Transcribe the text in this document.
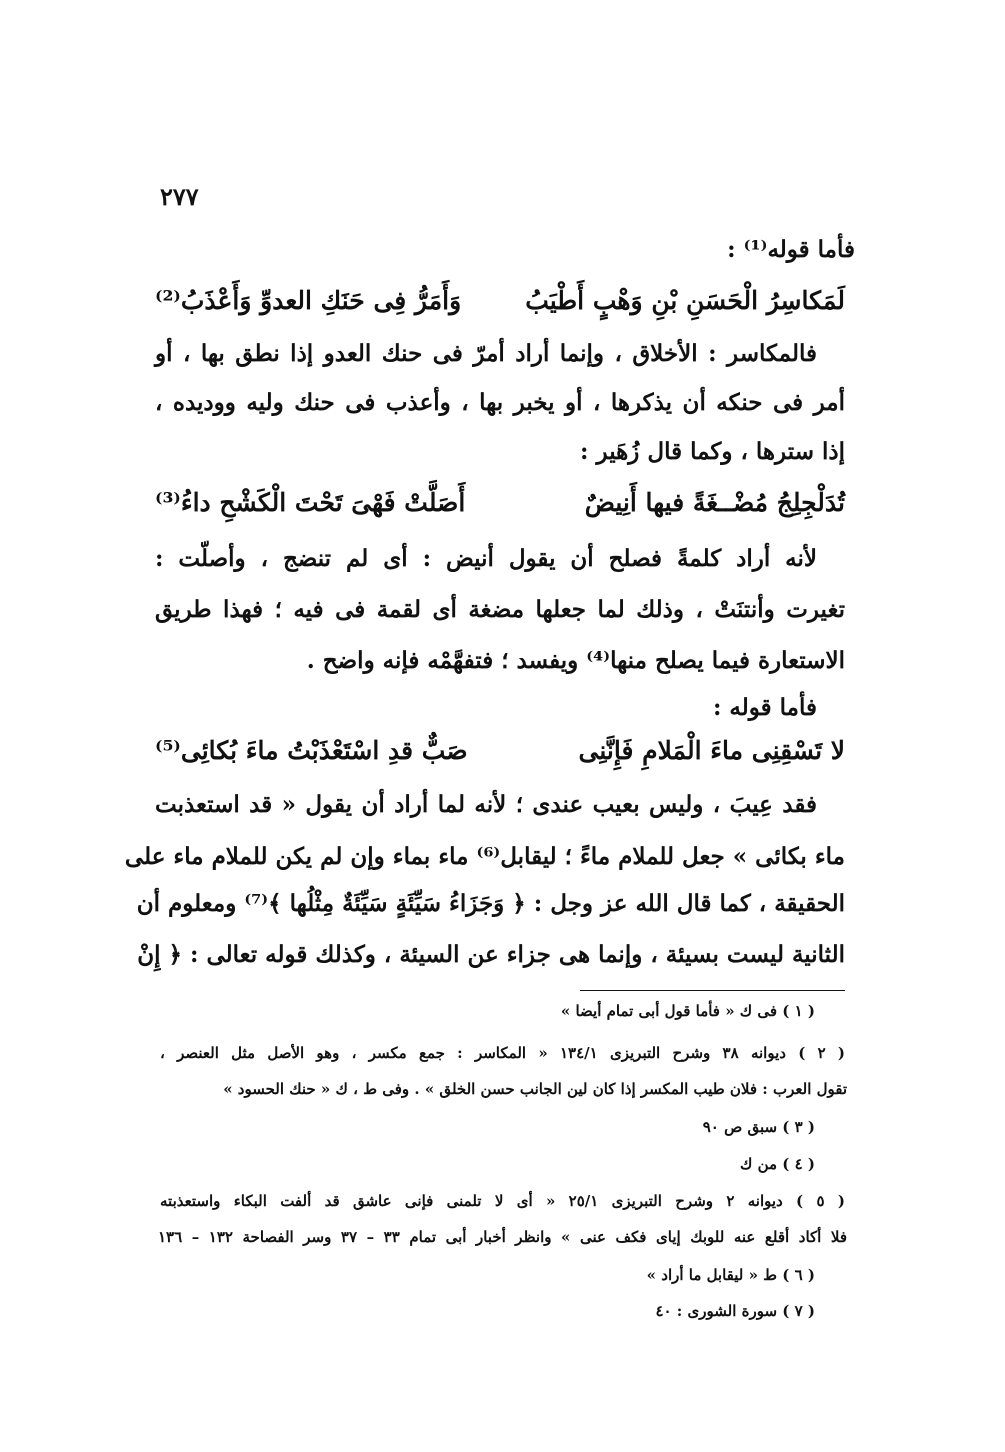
٢٧٧
فأما قوله⁽¹⁾ :
لَمَكاسِرُ الْحَسَنِ بْنِ وَهْبٍ أَطْيَبُ
وَأَمَرُّ فِى حَنَكِ العدوِّ وَأَعْذَبُ⁽²⁾
فالمكاسر : الأخلاق ، وإنما أراد أمرّ فى حنك العدو إذا نطق بها ، أو
أمر فى حنكه أن يذكرها ، أو يخبر بها ، وأعذب فى حنك وليه ووديده ،
إذا سترها ، وكما قال زُهَير :
تُدَلْجِلِجُ مُضْــغَةً فيها أَنِيضٌ
أَصَلَّتْ فَهْىَ تَحْتَ الْكَشْحِ داءُ⁽³⁾
لأنه أراد كلمةً فصلح أن يقول أنيض : أى لم تنضج ، وأصلّت :
تغيرت وأنتنَتْ ، وذلك لما جعلها مضغة أى لقمة فى فيه ؛ فهذا طريق
الاستعارة فيما يصلح منها⁽⁴⁾ ويفسد ؛ فتفهَّمْه فإنه واضح .
فأما قوله :
لا تَسْقِنِى ماءَ الْمَلامِ فَإِنَّنِى
صَبٌّ قدِ اسْتَعْذَبْتُ ماءَ بُكائِى⁽⁵⁾
فقد عِيبَ ، وليس بعيب عندى ؛ لأنه لما أراد أن يقول « قد استعذبت
ماء بكائى » جعل للملام ماءً ؛ ليقابل⁽⁶⁾ ماء بماء وإن لم يكن للملام ماء على
الحقيقة ، كما قال الله عز وجل : ﴿ وَجَزَاءُ سَيِّئَةٍ سَيِّئَةٌ مِثْلُها ﴾⁽⁷⁾ ومعلوم أن
الثانية ليست بسيئة ، وإنما هى جزاء عن السيئة ، وكذلك قوله تعالى : ﴿ إِنْ
( ١ ) فى ك « فأما قول أبى تمام أيضا »
( ٢ ) ديوانه ٣٨ وشرح التبريزى ١٣٤/١ « المكاسر : جمع مكسر ، وهو الأصل مثل العنصر ،
تقول العرب : فلان طيب المكسر إذا كان لين الجانب حسن الخلق » . وفى ط ، ك « حنك الحسود »
( ٣ ) سبق ص ٩٠
( ٤ ) من ك
( ٥ ) ديوانه ٢ وشرح التبريزى ٢٥/١ « أى لا تلمنى فإنى عاشق قد ألفت البكاء واستعذبته
فلا أكاد أقلع عنه للوبك إياى فكف عنى » وانظر أخبار أبى تمام ٣٣ – ٣٧ وسر الفصاحة ١٣٢ – ١٣٦
( ٦ ) ط « ليقابل ما أراد »
( ٧ ) سورة الشورى : ٤٠
